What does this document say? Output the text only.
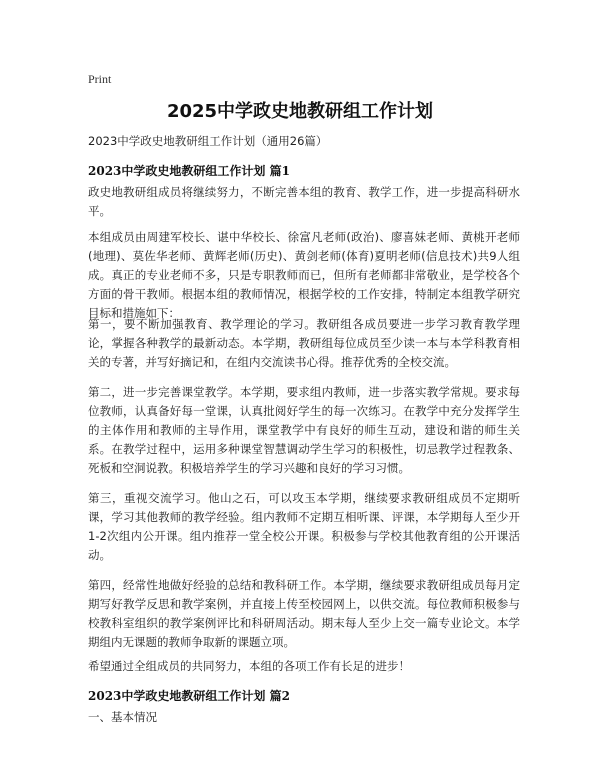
Print
2025中学政史地教研组工作计划
2023中学政史地教研组工作计划（通用26篇）
2023中学政史地教研组工作计划 篇1

政史地教研组成员将继续努力，不断完善本组的教育、教学工作，进一步提高科研水平。

本组成员由周建军校长、谌中华校长、徐富凡老师(政治)、廖喜妹老师、黄桃开老师(地理)、莫佐华老师、黄辉老师(历史)、黄剑老师(体育)夏明老师(信息技术)共9人组成。真正的专业老师不多，只是专职教师而已，但所有老师都非常敬业，是学校各个方面的骨干教师。根据本组的教师情况，根据学校的工作安排，特制定本组教学研究目标和措施如下：

第一，要不断加强教育、教学理论的学习。教研组各成员要进一步学习教育教学理论，掌握各种教学的最新动态。本学期，教研组每位成员至少读一本与本学科教育相关的专著，并写好摘记和，在组内交流读书心得。推荐优秀的全校交流。

第二，进一步完善课堂教学。本学期，要求组内教师，进一步落实教学常规。要求每位教师，认真备好每一堂课，认真批阅好学生的每一次练习。在教学中充分发挥学生的主体作用和教师的主导作用，课堂教学中有良好的师生互动，建设和谐的师生关系。在教学过程中，运用多种课堂智慧调动学生学习的积极性，切忌教学过程教条、死板和空洞说教。积极培养学生的学习兴趣和良好的学习习惯。

第三，重视交流学习。他山之石，可以攻玉本学期，继续要求教研组成员不定期听课，学习其他教师的教学经验。组内教师不定期互相听课、评课，本学期每人至少开1-2次组内公开课。组内推荐一堂全校公开课。积极参与学校其他教育组的公开课活动。

第四，经常性地做好经验的总结和教科研工作。本学期，继续要求教研组成员每月定期写好教学反思和教学案例，并直接上传至校园网上，以供交流。每位教师积极参与校教科室组织的教学案例评比和科研周活动。期末每人至少上交一篇专业论文。本学期组内无课题的教师争取新的课题立项。

希望通过全组成员的共同努力，本组的各项工作有长足的进步！

2023中学政史地教研组工作计划 篇2
一、基本情况
